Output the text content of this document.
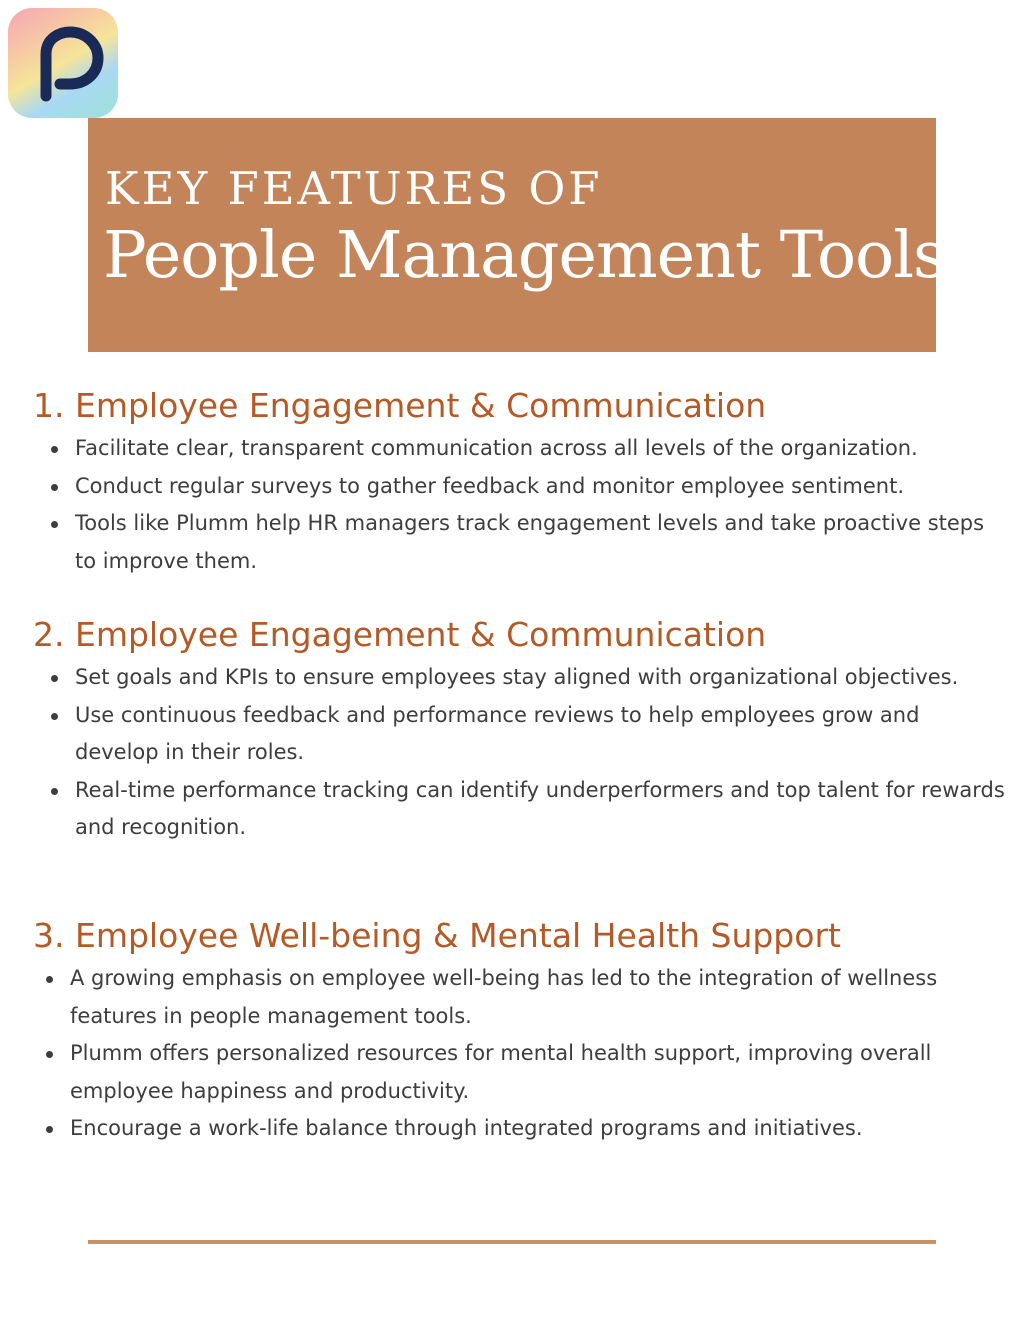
KEY FEATURES OF
People Management Tools
1. Employee Engagement & Communication
Facilitate clear, transparent communication across all levels of the organization.
Conduct regular surveys to gather feedback and monitor employee sentiment.
Tools like Plumm help HR managers track engagement levels and take proactive steps to improve them.
2. Employee Engagement & Communication
Set goals and KPIs to ensure employees stay aligned with organizational objectives.
Use continuous feedback and performance reviews to help employees grow and develop in their roles.
Real-time performance tracking can identify underperformers and top talent for rewards and recognition.
3. Employee Well-being & Mental Health Support
A growing emphasis on employee well-being has led to the integration of wellness features in people management tools.
Plumm offers personalized resources for mental health support, improving overall employee happiness and productivity.
Encourage a work-life balance through integrated programs and initiatives.
